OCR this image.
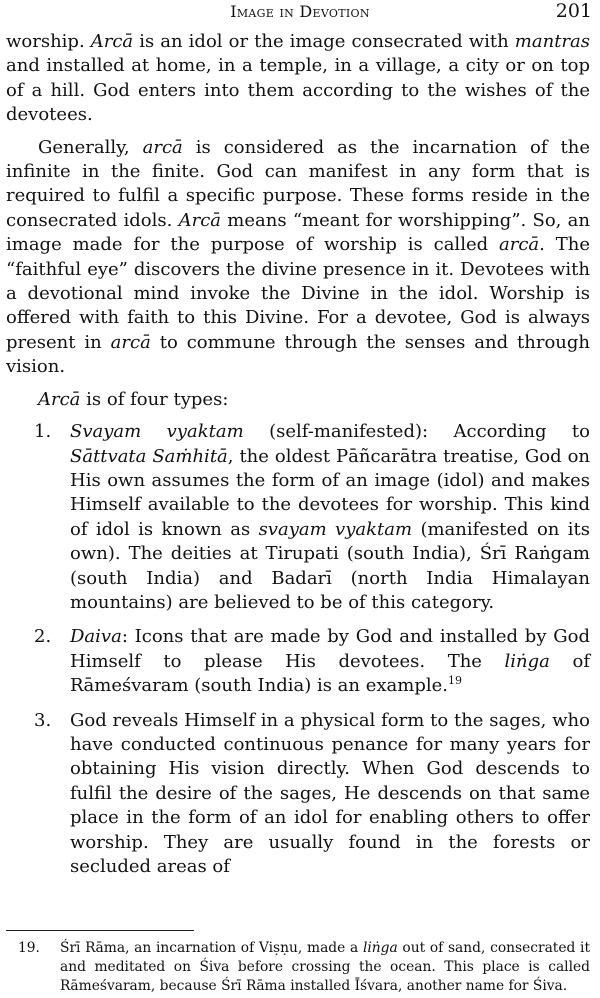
Image in Devotion	201

worship. Arcā is an idol or the image consecrated with mantras and installed at home, in a temple, in a village, a city or on top of a hill. God enters into them according to the wishes of the devotees.

Generally, arcā is considered as the incarnation of the infinite in the finite. God can manifest in any form that is required to fulfil a specific purpose. These forms reside in the consecrated idols. Arcā means “meant for worshipping”. So, an image made for the purpose of worship is called arcā. The “faithful eye” discovers the divine presence in it. Devotees with a devotional mind invoke the Divine in the idol. Worship is offered with faith to this Divine. For a devotee, God is always present in arcā to commune through the senses and through vision.

Arcā is of four types:

1.	Svayam vyaktam (self-manifested): According to Sāttvata Saṁhitā, the oldest Pāñcarātra treatise, God on His own assumes the form of an image (idol) and makes Himself available to the devotees for worship. This kind of idol is known as svayam vyaktam (manifested on its own). The deities at Tirupati (south India), Śrī Raṅgam (south India) and Badarī (north India Himalayan mountains) are believed to be of this category.
2.	Daiva: Icons that are made by God and installed by God Himself to please His devotees. The liṅga of Rāmeśvaram (south India) is an example.$^{19}$
3.	God reveals Himself in a physical form to the sages, who have conducted continuous penance for many years for obtaining His vision directly. When God descends to fulfil the desire of the sages, He descends on that same place in the form of an idol for enabling others to offer worship. They are usually found in the forests or secluded areas of
19. Śrī Rāma, an incarnation of Viṣṇu, made a liṅga out of sand, consecrated it and meditated on Śiva before crossing the ocean. This place is called Rāmeśvaram, because Śrī Rāma installed Īśvara, another name for Śiva.
